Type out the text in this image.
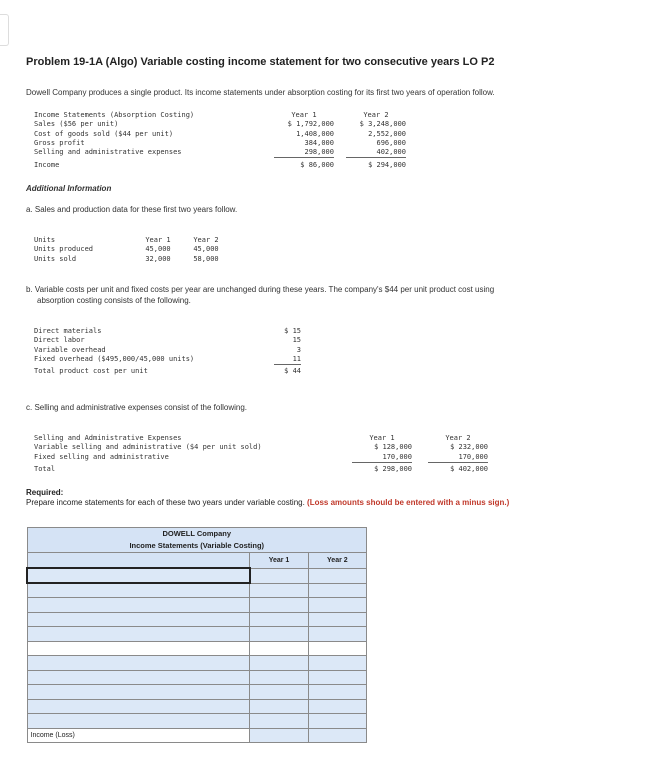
Problem 19-1A (Algo) Variable costing income statement for two consecutive years LO P2
Dowell Company produces a single product. Its income statements under absorption costing for its first two years of operation follow.
Income Statements (Absorption Costing)	Year 1		Year 2
Sales ($56 per unit)	$ 1,792,000		$ 3,248,000
Cost of goods sold ($44 per unit)	1,408,000		2,552,000
Gross profit	384,000		696,000
Selling and administrative expenses	298,000		402,000
Income	$ 86,000		$ 294,000
Additional Information
a. Sales and production data for these first two years follow.
Units	Year 1	Year 2
Units produced	45,000	45,000
Units sold	32,000	58,000
b. Variable costs per unit and fixed costs per year are unchanged during these years. The company's $44 per unit product cost using
absorption costing consists of the following.
Direct materials	$ 15
Direct labor	15
Variable overhead	3
Fixed overhead ($495,000/45,000 units)	11
Total product cost per unit	$ 44
c. Selling and administrative expenses consist of the following.
Selling and Administrative Expenses	Year 1		Year 2
Variable selling and administrative ($4 per unit sold)	$ 128,000		$ 232,000
Fixed selling and administrative	170,000		170,000
Total	$ 298,000		$ 402,000
Required:
Prepare income statements for each of these two years under variable costing. (Loss amounts should be entered with a minus sign.)
DOWELL Company		
Income Statements (Variable Costing)		
	Year 1	Year 2

Income (Loss)		
